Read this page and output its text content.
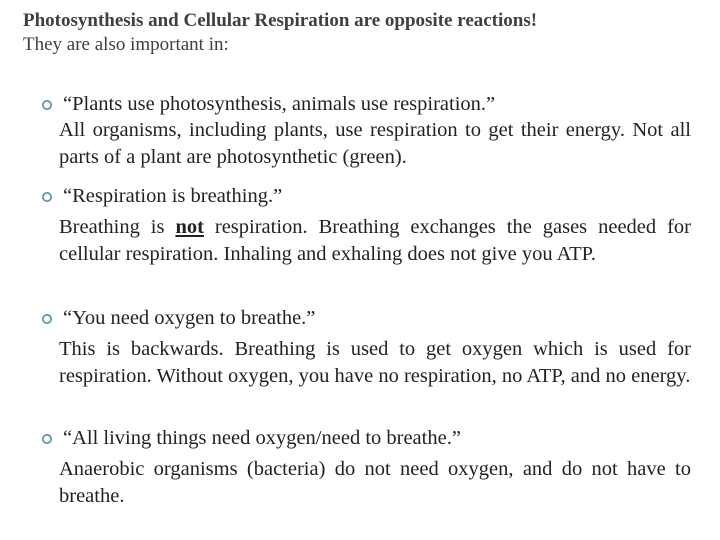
Photosynthesis and Cellular Respiration are opposite reactions!
They are also important in:
“Plants use photosynthesis, animals use respiration.”
All organisms, including plants, use respiration to get their energy. Not all parts of a plant are photosynthetic (green).
“Respiration is breathing.”
Breathing is not respiration. Breathing exchanges the gases needed for cellular respiration. Inhaling and exhaling does not give you ATP.
“You need oxygen to breathe.”
This is backwards. Breathing is used to get oxygen which is used for respiration. Without oxygen, you have no respiration, no ATP, and no energy.
“All living things need oxygen/need to breathe.”
Anaerobic organisms (bacteria) do not need oxygen, and do not have to breathe.
